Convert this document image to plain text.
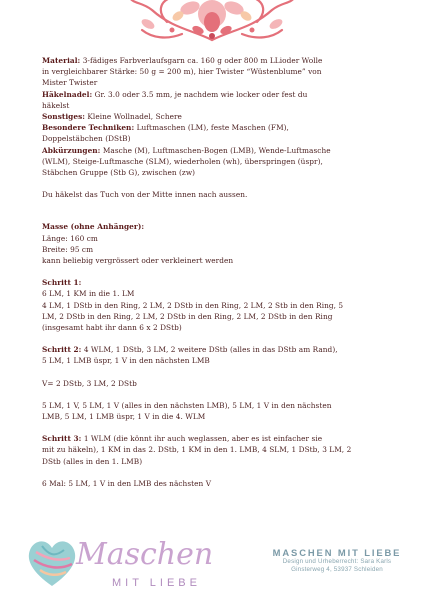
Material: 3-fädiges Farbverlaufsgarn ca. 160 g oder 800 m LLioder Wolle

in vergleichbarer Stärke: 50 g = 200 m), hier Twister “Wüstenblume” von

Mister Twister

Häkelnadel: Gr. 3.0 oder 3.5 mm, je nachdem wie locker oder fest du

häkelst

Sonstiges: Kleine Wollnadel, Schere

Besondere Techniken: Luftmaschen (LM), feste Maschen (FM),

Doppelstäbchen (DStB)

Abkürzungen: Masche (M), Luftmaschen-Bogen (LMB), Wende-Luftmasche

(WLM), Steige-Luftmasche (SLM), wiederholen (wh), überspringen (üspr),

Stäbchen Gruppe (Stb G), zwischen (zw)

Du häkelst das Tuch von der Mitte innen nach aussen.

Masse (ohne Anhänger):

Länge: 160 cm

Breite: 95 cm

kann beliebig vergrössert oder verkleinert werden

Schritt 1:

6 LM, 1 KM in die 1. LM

4 LM, 1 DStb in den Ring, 2 LM, 2 DStb in den Ring, 2 LM, 2 Stb in den Ring, 5

LM, 2 DStb in den Ring, 2 LM, 2 DStb in den Ring, 2 LM, 2 DStb in den Ring

(insgesamt habt ihr dann 6 x 2 DStb)

Schritt 2: 4 WLM, 1 DStb, 3 LM, 2 weitere DStb (alles in das DStb am Rand),

5 LM, 1 LMB üspr, 1 V in den nächsten LMB

V= 2 DStb, 3 LM, 2 DStb

5 LM, 1 V, 5 LM, 1 V (alles in den nächsten LMB), 5 LM, 1 V in den nächsten

LMB, 5 LM, 1 LMB üspr, 1 V in die 4. WLM

Schritt 3: 1 WLM (die könnt ihr auch weglassen, aber es ist einfacher sie

mit zu häkeln), 1 KM in das 2. DStb, 1 KM in den 1. LMB, 4 SLM, 1 DStb, 3 LM, 2

DStb (alles in den 1. LMB)

6 Mal: 5 LM, 1 V in den LMB des nächsten V

Maschen
MIT LIEBE
MASCHEN MIT LIEBE
Design und Urheberrecht: Sara Karls
Ginsterweg 4, 53937 Schleiden
